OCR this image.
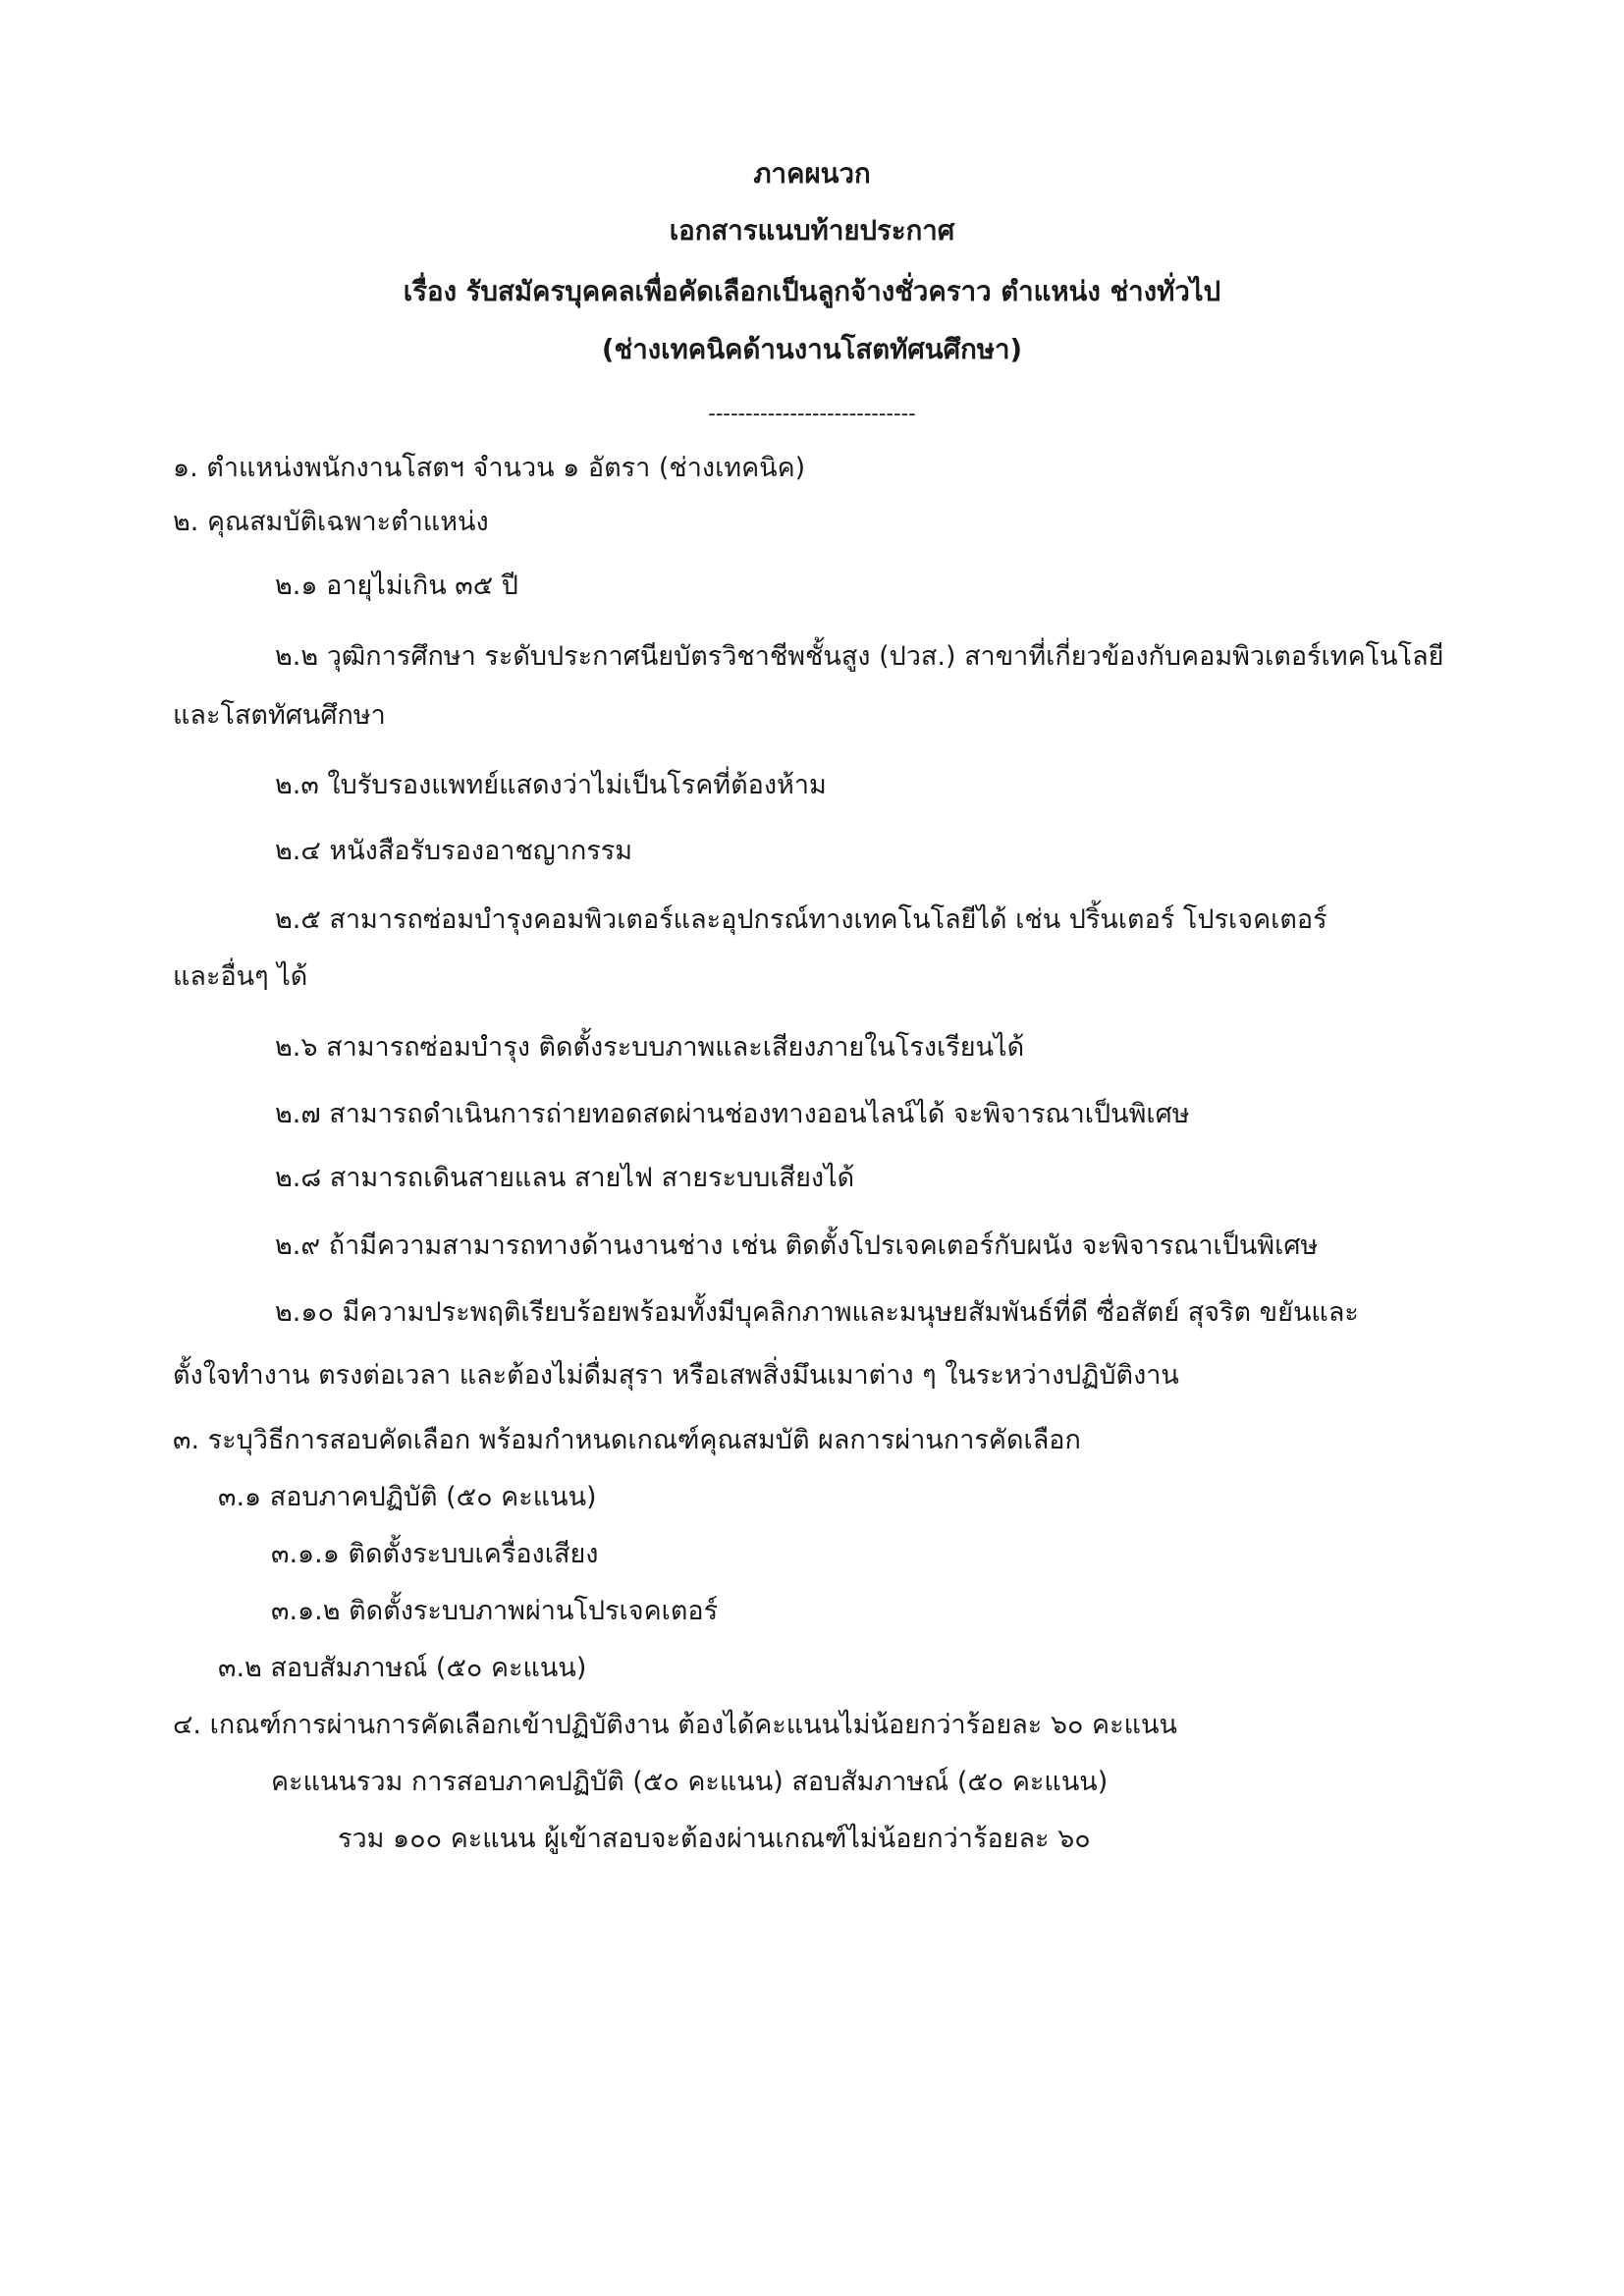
ภาคผนวก
เอกสารแนบท้ายประกาศ
เรื่อง รับสมัครบุคคลเพื่อคัดเลือกเป็นลูกจ้างชั่วคราว ตำแหน่ง ช่างทั่วไป
(ช่างเทคนิคด้านงานโสตทัศนศึกษา)
----------------------------
๑. ตำแหน่งพนักงานโสตฯ จำนวน ๑ อัตรา (ช่างเทคนิค)
๒. คุณสมบัติเฉพาะตำแหน่ง
๒.๑ อายุไม่เกิน ๓๕ ปี
๒.๒ วุฒิการศึกษา ระดับประกาศนียบัตรวิชาชีพชั้นสูง (ปวส.) สาขาที่เกี่ยวข้องกับคอมพิวเตอร์เทคโนโลยี
และโสตทัศนศึกษา
๒.๓ ใบรับรองแพทย์แสดงว่าไม่เป็นโรคที่ต้องห้าม
๒.๔ หนังสือรับรองอาชญากรรม
๒.๕ สามารถซ่อมบำรุงคอมพิวเตอร์และอุปกรณ์ทางเทคโนโลยีได้ เช่น ปริ้นเตอร์ โปรเจคเตอร์
และอื่นๆ ได้
๒.๖ สามารถซ่อมบำรุง ติดตั้งระบบภาพและเสียงภายในโรงเรียนได้
๒.๗ สามารถดำเนินการถ่ายทอดสดผ่านช่องทางออนไลน์ได้ จะพิจารณาเป็นพิเศษ
๒.๘ สามารถเดินสายแลน สายไฟ สายระบบเสียงได้
๒.๙ ถ้ามีความสามารถทางด้านงานช่าง เช่น ติดตั้งโปรเจคเตอร์กับผนัง จะพิจารณาเป็นพิเศษ
๒.๑๐ มีความประพฤติเรียบร้อยพร้อมทั้งมีบุคลิกภาพและมนุษยสัมพันธ์ที่ดี ซื่อสัตย์ สุจริต ขยันและ
ตั้งใจทำงาน ตรงต่อเวลา และต้องไม่ดื่มสุรา หรือเสพสิ่งมึนเมาต่าง ๆ ในระหว่างปฏิบัติงาน
๓. ระบุวิธีการสอบคัดเลือก พร้อมกำหนดเกณฑ์คุณสมบัติ ผลการผ่านการคัดเลือก
๓.๑ สอบภาคปฏิบัติ (๕๐ คะแนน)
๓.๑.๑ ติดตั้งระบบเครื่องเสียง
๓.๑.๒ ติดตั้งระบบภาพผ่านโปรเจคเตอร์
๓.๒ สอบสัมภาษณ์ (๕๐ คะแนน)
๔. เกณฑ์การผ่านการคัดเลือกเข้าปฏิบัติงาน ต้องได้คะแนนไม่น้อยกว่าร้อยละ ๖๐ คะแนน
คะแนนรวม การสอบภาคปฏิบัติ (๕๐ คะแนน) สอบสัมภาษณ์ (๕๐ คะแนน)
รวม ๑๐๐ คะแนน ผู้เข้าสอบจะต้องผ่านเกณฑ์ไม่น้อยกว่าร้อยละ ๖๐
